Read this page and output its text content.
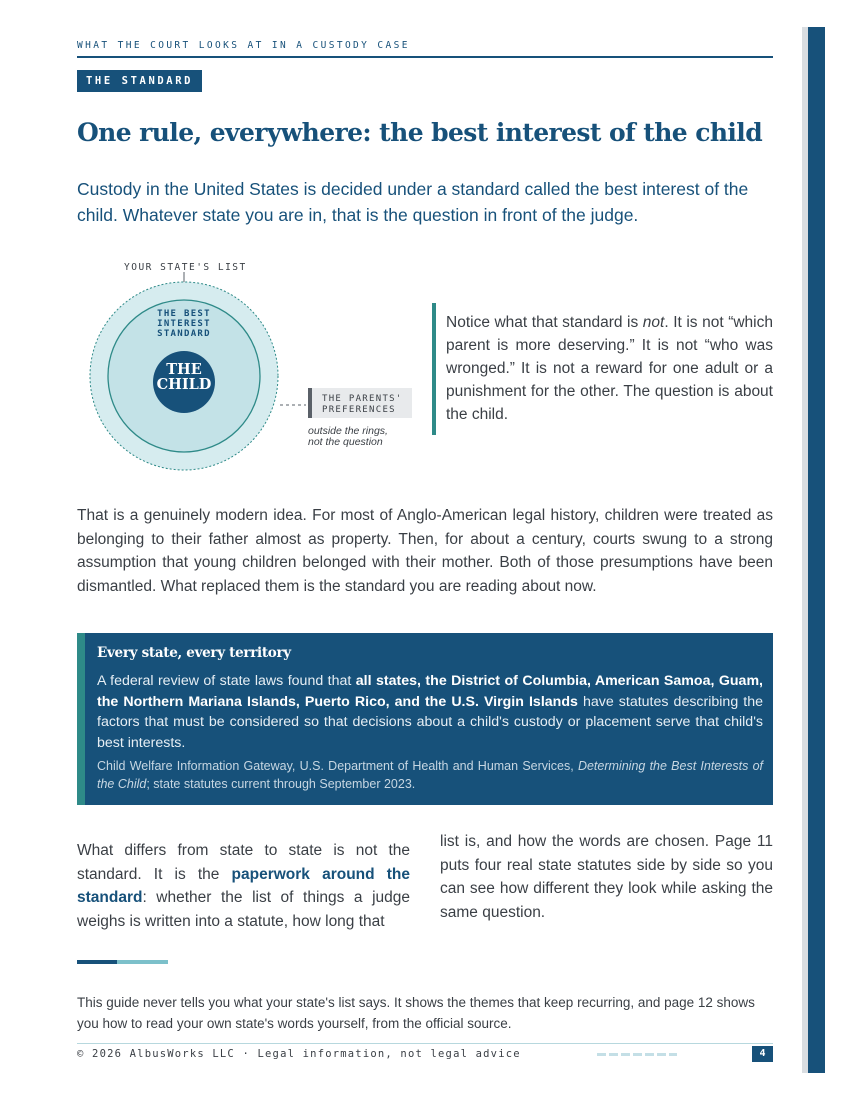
WHAT THE COURT LOOKS AT IN A CUSTODY CASE
THE STANDARD
One rule, everywhere: the best interest of the child

Custody in the United States is decided under a standard called the best interest of the child. Whatever state you are in, that is the question in front of the judge.

YOUR STATE'S LIST
THE BEST
INTEREST
STANDARD
THE
CHILD
THE PARENTS'
PREFERENCES
outside the rings,
not the question

Notice what that standard is not. It is not “which parent is more deserving.” It is not “who was wronged.” It is not a reward for one adult or a punishment for the other. The question is about the child.

That is a genuinely modern idea. For most of Anglo-American legal history, children were treated as belonging to their father almost as property. Then, for about a century, courts swung to a strong assumption that young children belonged with their mother. Both of those presumptions have been dismantled. What replaced them is the standard you are reading about now.

Every state, every territory

A federal review of state laws found that all states, the District of Columbia, American Samoa, Guam, the Northern Mariana Islands, Puerto Rico, and the U.S. Virgin Islands have statutes describing the factors that must be considered so that decisions about a child's custody or placement serve that child's best interests.

Child Welfare Information Gateway, U.S. Department of Health and Human Services, Determining the Best Interests of the Child; state statutes current through September 2023.

What differs from state to state is not the standard. It is the paperwork around the standard: whether the list of things a judge weighs is written into a statute, how long that

list is, and how the words are chosen. Page 11 puts four real state statutes side by side so you can see how different they look while asking the same question.

This guide never tells you what your state's list says. It shows the themes that keep recurring, and page 12 shows you how to read your own state's words yourself, from the official source.

© 2026 AlbusWorks LLC · Legal information, not legal advice	4
